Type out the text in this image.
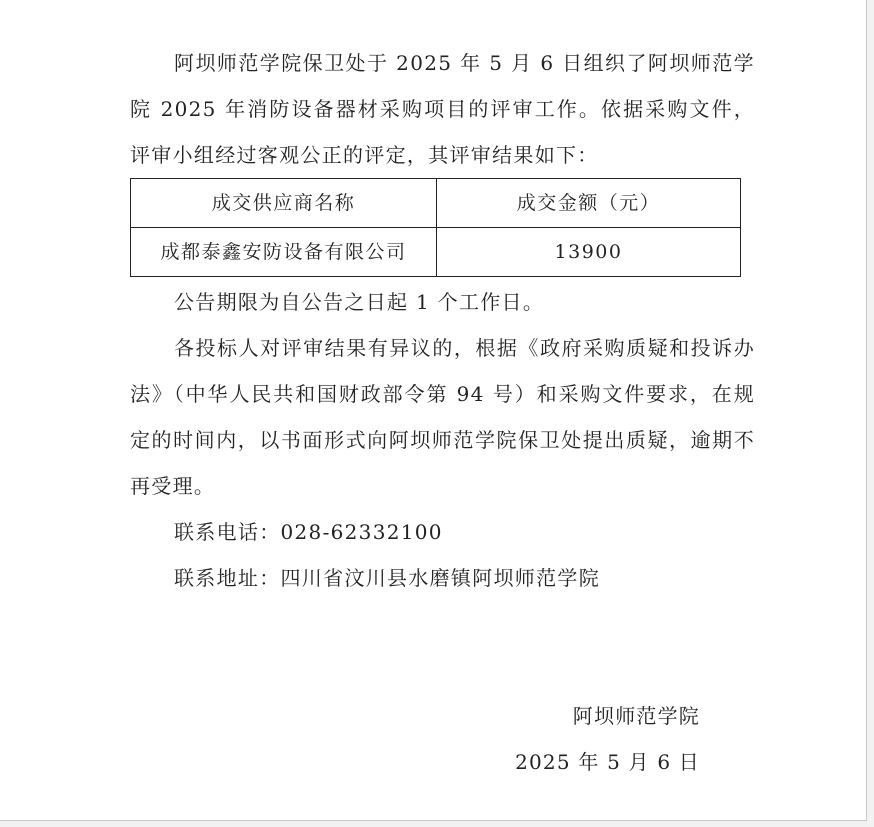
阿坝师范学院保卫处于 2025 年 5 月 6 日组织了阿坝师范学院 2025 年消防设备器材采购项目的评审工作。依据采购文件，评审小组经过客观公正的评定，其评审结果如下：

成交供应商名称	成交金额（元）
成都泰鑫安防设备有限公司	13900

公告期限为自公告之日起 1 个工作日。

各投标人对评审结果有异议的，根据《政府采购质疑和投诉办法》（中华人民共和国财政部令第 94 号）和采购文件要求，在规定的时间内，以书面形式向阿坝师范学院保卫处提出质疑，逾期不再受理。

联系电话：028-62332100

联系地址：四川省汶川县水磨镇阿坝师范学院

阿坝师范学院
2025 年 5 月 6 日
